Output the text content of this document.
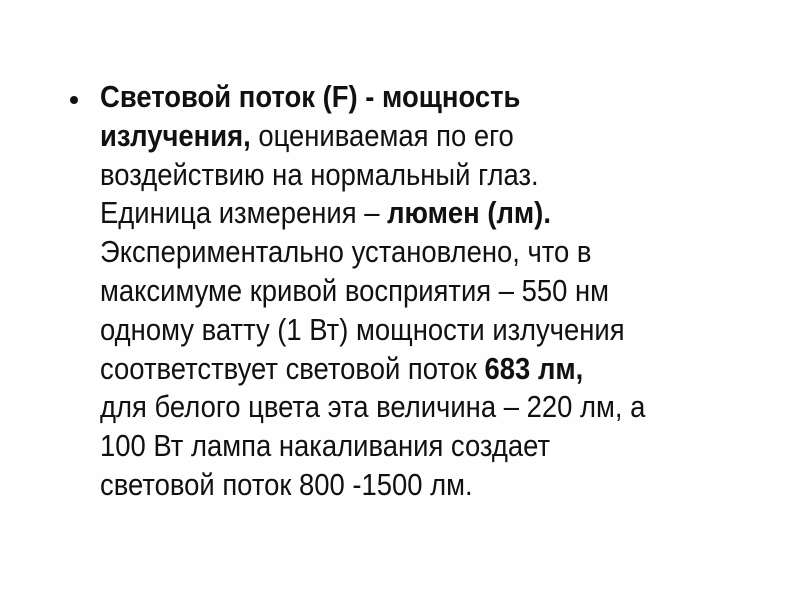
Световой поток (F) - мощность
излучения, оцениваемая по его
воздействию на нормальный глаз.
Единица измерения – люмен (лм).
Экспериментально установлено, что в
максимуме кривой восприятия – 550 нм
одному ватту (1 Вт) мощности излучения
соответствует световой поток 683 лм,
для белого цвета эта величина – 220 лм, а
100 Вт лампа накаливания создает
световой поток 800 -1500 лм.
